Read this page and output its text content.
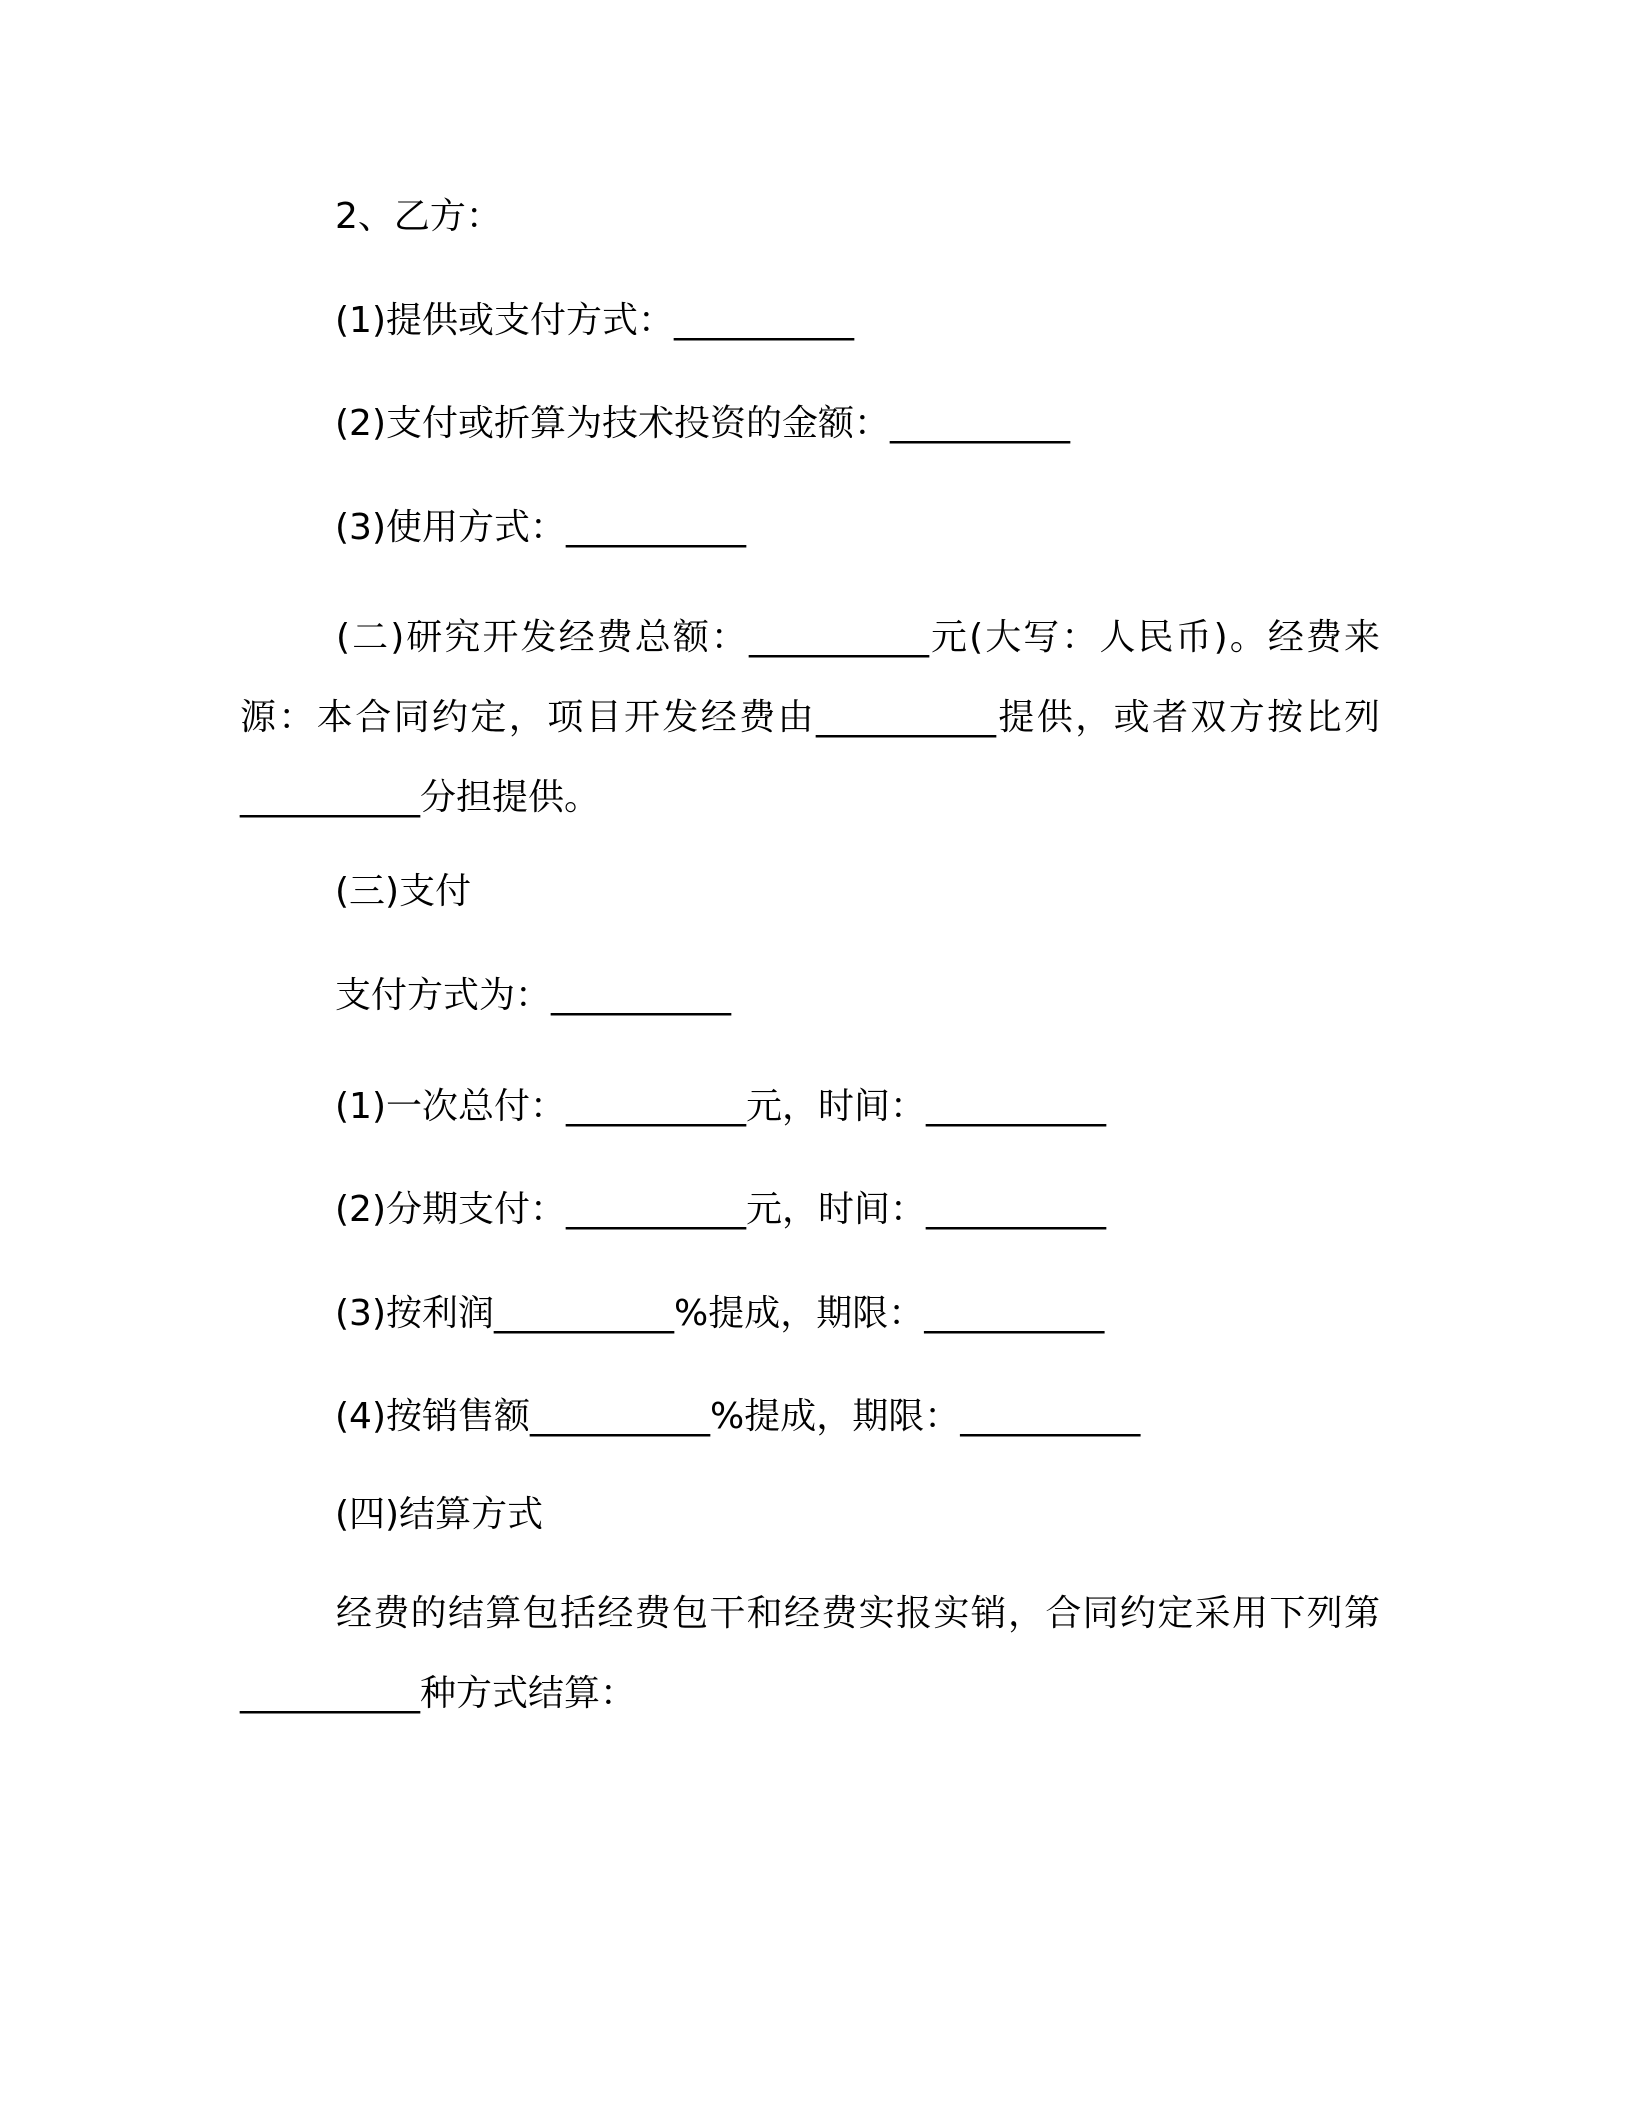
2、乙方：
(1)提供或支付方式：__________
(2)支付或折算为技术投资的金额：__________
(3)使用方式：__________
(二)研究开发经费总额：__________元(大写：人民币)。经费来源：本合同约定，项目开发经费由__________提供，或者双方按比列__________分担提供。
(三)支付
支付方式为：__________
(1)一次总付：__________元，时间：__________
(2)分期支付：__________元，时间：__________
(3)按利润__________%提成，期限：__________
(4)按销售额__________%提成，期限：__________
(四)结算方式
经费的结算包括经费包干和经费实报实销，合同约定采用下列第__________种方式结算：
